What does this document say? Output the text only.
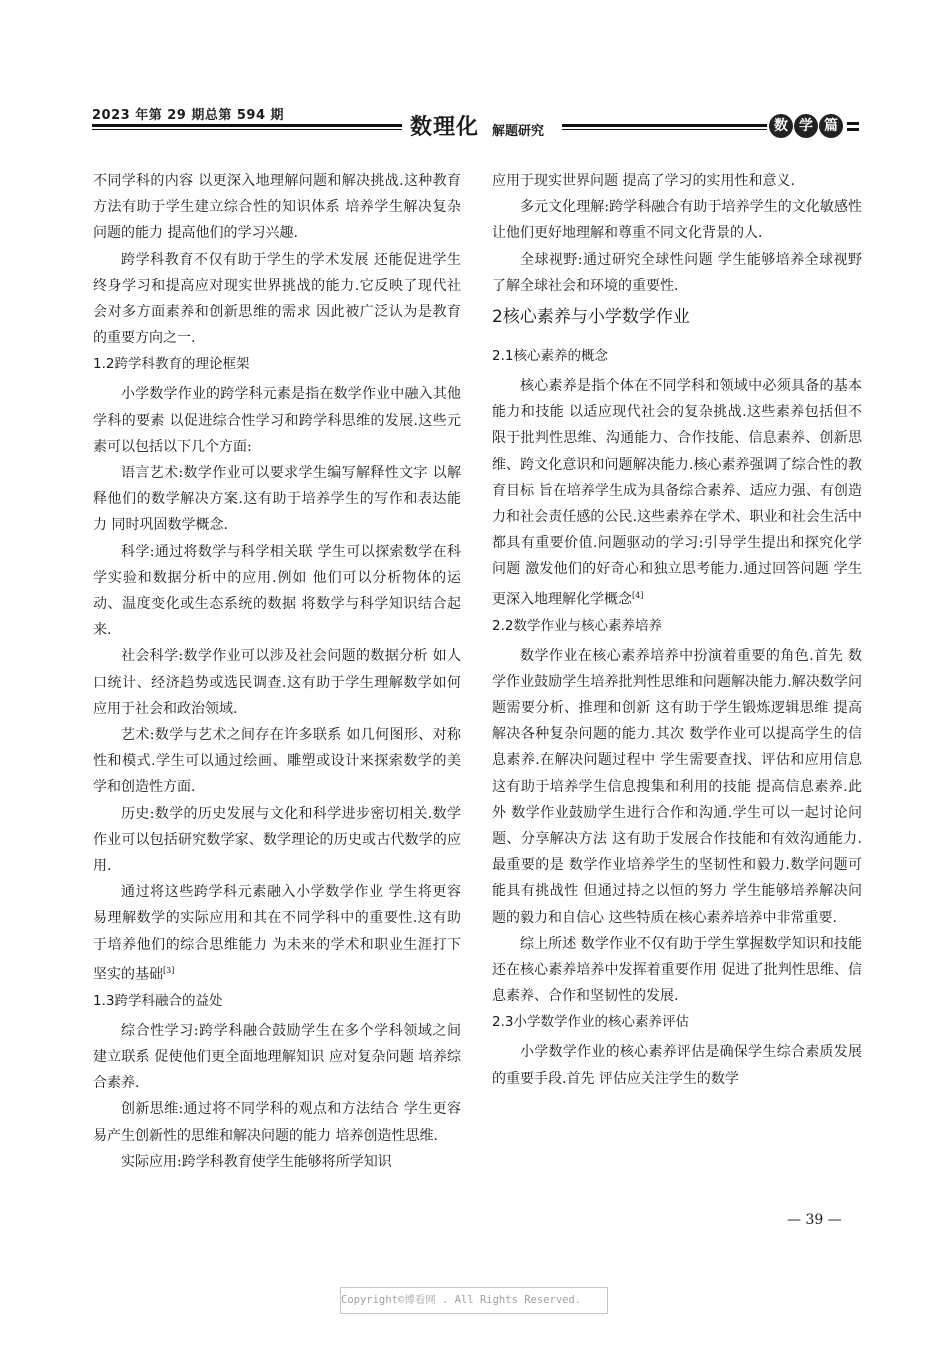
2023 年第 29 期总第 594 期	数理化 解题研究	数 学 篇

不同学科的内容 以更深入地理解问题和解决挑战.这种教育方法有助于学生建立综合性的知识体系 培养学生解决复杂问题的能力 提高他们的学习兴趣.

跨学科教育不仅有助于学生的学术发展 还能促进学生终身学习和提高应对现实世界挑战的能力.它反映了现代社会对多方面素养和创新思维的需求 因此被广泛认为是教育的重要方向之一.

1.2跨学科教育的理论框架

小学数学作业的跨学科元素是指在数学作业中融入其他学科的要素 以促进综合性学习和跨学科思维的发展.这些元素可以包括以下几个方面:

语言艺术:数学作业可以要求学生编写解释性文字 以解释他们的数学解决方案.这有助于培养学生的写作和表达能力 同时巩固数学概念.

科学:通过将数学与科学相关联 学生可以探索数学在科学实验和数据分析中的应用.例如 他们可以分析物体的运动、温度变化或生态系统的数据 将数学与科学知识结合起来.

社会科学:数学作业可以涉及社会问题的数据分析 如人口统计、经济趋势或选民调查.这有助于学生理解数学如何应用于社会和政治领域.

艺术:数学与艺术之间存在许多联系 如几何图形、对称性和模式.学生可以通过绘画、雕塑或设计来探索数学的美学和创造性方面.

历史:数学的历史发展与文化和科学进步密切相关.数学作业可以包括研究数学家、数学理论的历史或古代数学的应用.

通过将这些跨学科元素融入小学数学作业 学生将更容易理解数学的实际应用和其在不同学科中的重要性.这有助于培养他们的综合思维能力 为未来的学术和职业生涯打下坚实的基础[3]

1.3跨学科融合的益处

综合性学习:跨学科融合鼓励学生在多个学科领域之间建立联系 促使他们更全面地理解知识 应对复杂问题 培养综合素养.

创新思维:通过将不同学科的观点和方法结合 学生更容易产生创新性的思维和解决问题的能力 培养创造性思维.

实际应用:跨学科教育使学生能够将所学知识

应用于现实世界问题 提高了学习的实用性和意义.

多元文化理解:跨学科融合有助于培养学生的文化敏感性 让他们更好地理解和尊重不同文化背景的人.

全球视野:通过研究全球性问题 学生能够培养全球视野 了解全球社会和环境的重要性.

2核心素养与小学数学作业
2.1核心素养的概念

核心素养是指个体在不同学科和领域中必须具备的基本能力和技能 以适应现代社会的复杂挑战.这些素养包括但不限于批判性思维、沟通能力、合作技能、信息素养、创新思维、跨文化意识和问题解决能力.核心素养强调了综合性的教育目标 旨在培养学生成为具备综合素养、适应力强、有创造力和社会责任感的公民.这些素养在学术、职业和社会生活中都具有重要价值.问题驱动的学习:引导学生提出和探究化学问题 激发他们的好奇心和独立思考能力.通过回答问题 学生更深入地理解化学概念[4]

2.2数学作业与核心素养培养

数学作业在核心素养培养中扮演着重要的角色.首先 数学作业鼓励学生培养批判性思维和问题解决能力.解决数学问题需要分析、推理和创新 这有助于学生锻炼逻辑思维 提高解决各种复杂问题的能力.其次 数学作业可以提高学生的信息素养.在解决问题过程中 学生需要查找、评估和应用信息 这有助于培养学生信息搜集和利用的技能 提高信息素养.此外 数学作业鼓励学生进行合作和沟通.学生可以一起讨论问题、分享解决方法 这有助于发展合作技能和有效沟通能力.最重要的是 数学作业培养学生的坚韧性和毅力.数学问题可能具有挑战性 但通过持之以恒的努力 学生能够培养解决问题的毅力和自信心 这些特质在核心素养培养中非常重要.

综上所述 数学作业不仅有助于学生掌握数学知识和技能 还在核心素养培养中发挥着重要作用 促进了批判性思维、信息素养、合作和坚韧性的发展.

2.3小学数学作业的核心素养评估

小学数学作业的核心素养评估是确保学生综合素质发展的重要手段.首先 评估应关注学生的数学

— 39 —
Copyright©博看网 . All Rights Reserved.
